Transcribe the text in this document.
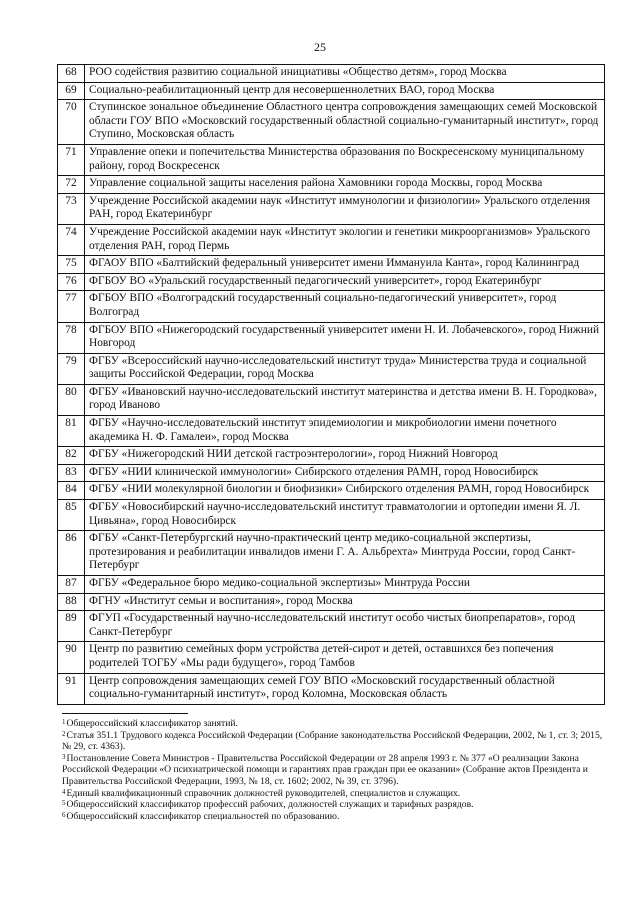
25
68	РОО содействия развитию социальной инициативы «Общество детям», город Москва
69	Социально-реабилитационный центр для несовершеннолетних ВАО, город Москва
70	Ступинское зональное объединение Областного центра сопровождения замещающих семей Московской области ГОУ ВПО «Московский государственный областной социально-гуманитарный институт», город Ступино, Московская область
71	Управление опеки и попечительства Министерства образования по Воскресенскому муниципальному району, город Воскресенск
72	Управление социальной защиты населения района Хамовники города Москвы, город Москва
73	Учреждение Российской академии наук «Институт иммунологии и физиологии» Уральского отделения РАН, город Екатеринбург
74	Учреждение Российской академии наук «Институт экологии и генетики микроорганизмов» Уральского отделения РАН, город Пермь
75	ФГАОУ ВПО «Балтийский федеральный университет имени Иммануила Канта», город Калининград
76	ФГБОУ ВО «Уральский государственный педагогический университет», город Екатеринбург
77	ФГБОУ ВПО «Волгоградский государственный социально-педагогический университет», город Волгоград
78	ФГБОУ ВПО «Нижегородский государственный университет имени Н. И. Лобачевского», город Нижний Новгород
79	ФГБУ «Всероссийский научно-исследовательский институт труда» Министерства труда и социальной защиты Российской Федерации, город Москва
80	ФГБУ «Ивановский научно-исследовательский институт материнства и детства имени В. Н. Городкова», город Иваново
81	ФГБУ «Научно-исследовательский институт эпидемиологии и микробиологии имени почетного академика Н. Ф. Гамалеи», город Москва
82	ФГБУ «Нижегородский НИИ детской гастроэнтерологии», город Нижний Новгород
83	ФГБУ «НИИ клинической иммунологии» Сибирского отделения РАМН, город Новосибирск
84	ФГБУ «НИИ молекулярной биологии и биофизики» Сибирского отделения РАМН, город Новосибирск
85	ФГБУ «Новосибирский научно-исследовательский институт травматологии и ортопедии имени Я. Л. Цивьяна», город Новосибирск
86	ФГБУ «Санкт-Петербургский научно-практический центр медико-социальной экспертизы, протезирования и реабилитации инвалидов имени Г. А. Альбрехта» Минтруда России, город Санкт-Петербург
87	ФГБУ «Федеральное бюро медико-социальной экспертизы» Минтруда России
88	ФГНУ «Институт семьи и воспитания», город Москва
89	ФГУП «Государственный научно-исследовательский институт особо чистых биопрепаратов», город Санкт-Петербург
90	Центр по развитию семейных форм устройства детей-сирот и детей, оставшихся без попечения родителей ТОГБУ «Мы ради будущего», город Тамбов
91	Центр сопровождения замещающих семей ГОУ ВПО «Московский государственный областной социально-гуманитарный институт», город Коломна, Московская область

$^1$Общероссийский классификатор занятий.

$^2$Статья 351.1 Трудового кодекса Российской Федерации (Собрание законодательства Российской Федерации, 2002, № 1, ст. 3; 2015, № 29, ст. 4363).

$^3$Постановление Совета Министров - Правительства Российской Федерации от 28 апреля 1993 г. № 377 «О реализации Закона Российской Федерации «О психиатрической помощи и гарантиях прав граждан при ее оказании» (Собрание актов Президента и Правительства Российской Федерации, 1993, № 18, ст. 1602; 2002, № 39, ст. 3796).

$^4$Единый квалификационный справочник должностей руководителей, специалистов и служащих.

$^5$Общероссийский классификатор профессий рабочих, должностей служащих и тарифных разрядов.

$^6$Общероссийский классификатор специальностей по образованию.
